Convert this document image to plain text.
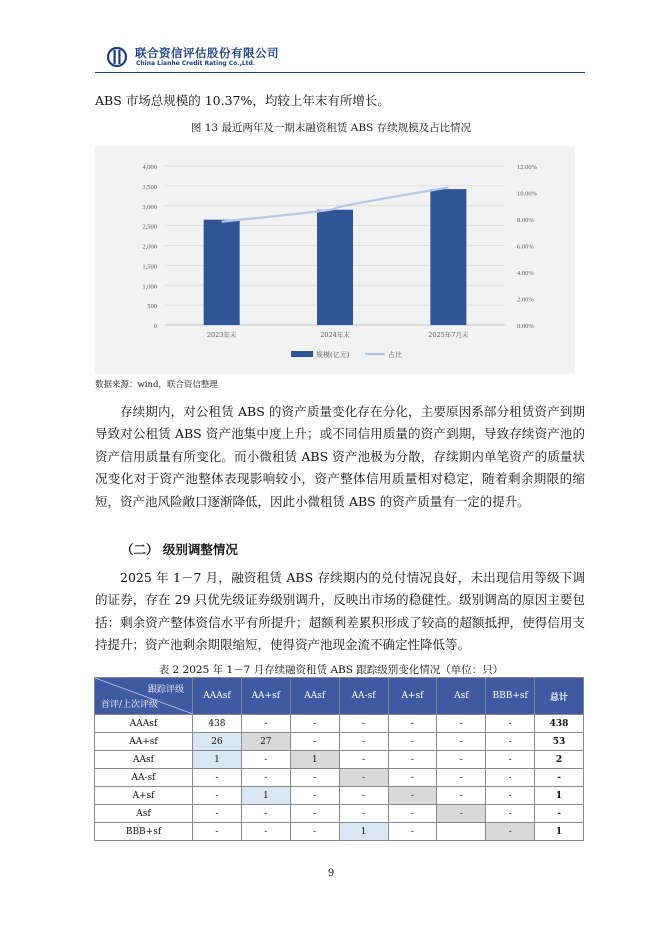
联合资信评估股份有限公司
China Lianhe Credit Rating Co.,Ltd.
ABS 市场总规模的 10.37%，均较上年末有所增长。
图 13 最近两年及一期末融资租赁 ABS 存续规模及占比情况
0
500
1,000
1,500
2,000
2,500
3,000
3,500
4,000
0.00%
2.00%
4.00%
6.00%
8.00%
10.00%
12.00%
2023年末	2024年末	2025年7月末
规模(亿元)	占比
数据来源：wind，联合资信整理
存续期内，对公租赁 ABS 的资产质量变化存在分化，主要原因系部分租赁资产到期导致对公租赁 ABS 资产池集中度上升；或不同信用质量的资产到期，导致存续资产池的资产信用质量有所变化。而小微租赁 ABS 资产池极为分散，存续期内单笔资产的质量状况变化对于资产池整体表现影响较小，资产整体信用质量相对稳定，随着剩余期限的缩短，资产池风险敞口逐渐降低，因此小微租赁 ABS 的资产质量有一定的提升。
（二） 级别调整情况
2025 年 1－7 月，融资租赁 ABS 存续期内的兑付情况良好，未出现信用等级下调的证券，存在 29 只优先级证券级别调升，反映出市场的稳健性。级别调高的原因主要包括：剩余资产整体资信水平有所提升；超额利差累积形成了较高的超额抵押，使得信用支持提升；资产池剩余期限缩短，使得资产池现金流不确定性降低等。
表 2 2025 年 1－7 月存续融资租赁 ABS 跟踪级别变化情况（单位：只）
跟踪评级
首评/上次评级	AAAsf	AA+sf	AAsf	AA-sf	A+sf	Asf	BBB+sf	总计
AAAsf	438	-	-	-	-	-	-	438
AA+sf	26	27	-	-	-	-	-	53
AAsf	1	-	1	-	-	-	-	2
AA-sf	-	-	-	-	-	-	-	-
A+sf	-	1	-	-	-	-	-	1
Asf	-	-	-	-	-	-	-	-
BBB+sf	-	-	-	1	-		-	1
9
